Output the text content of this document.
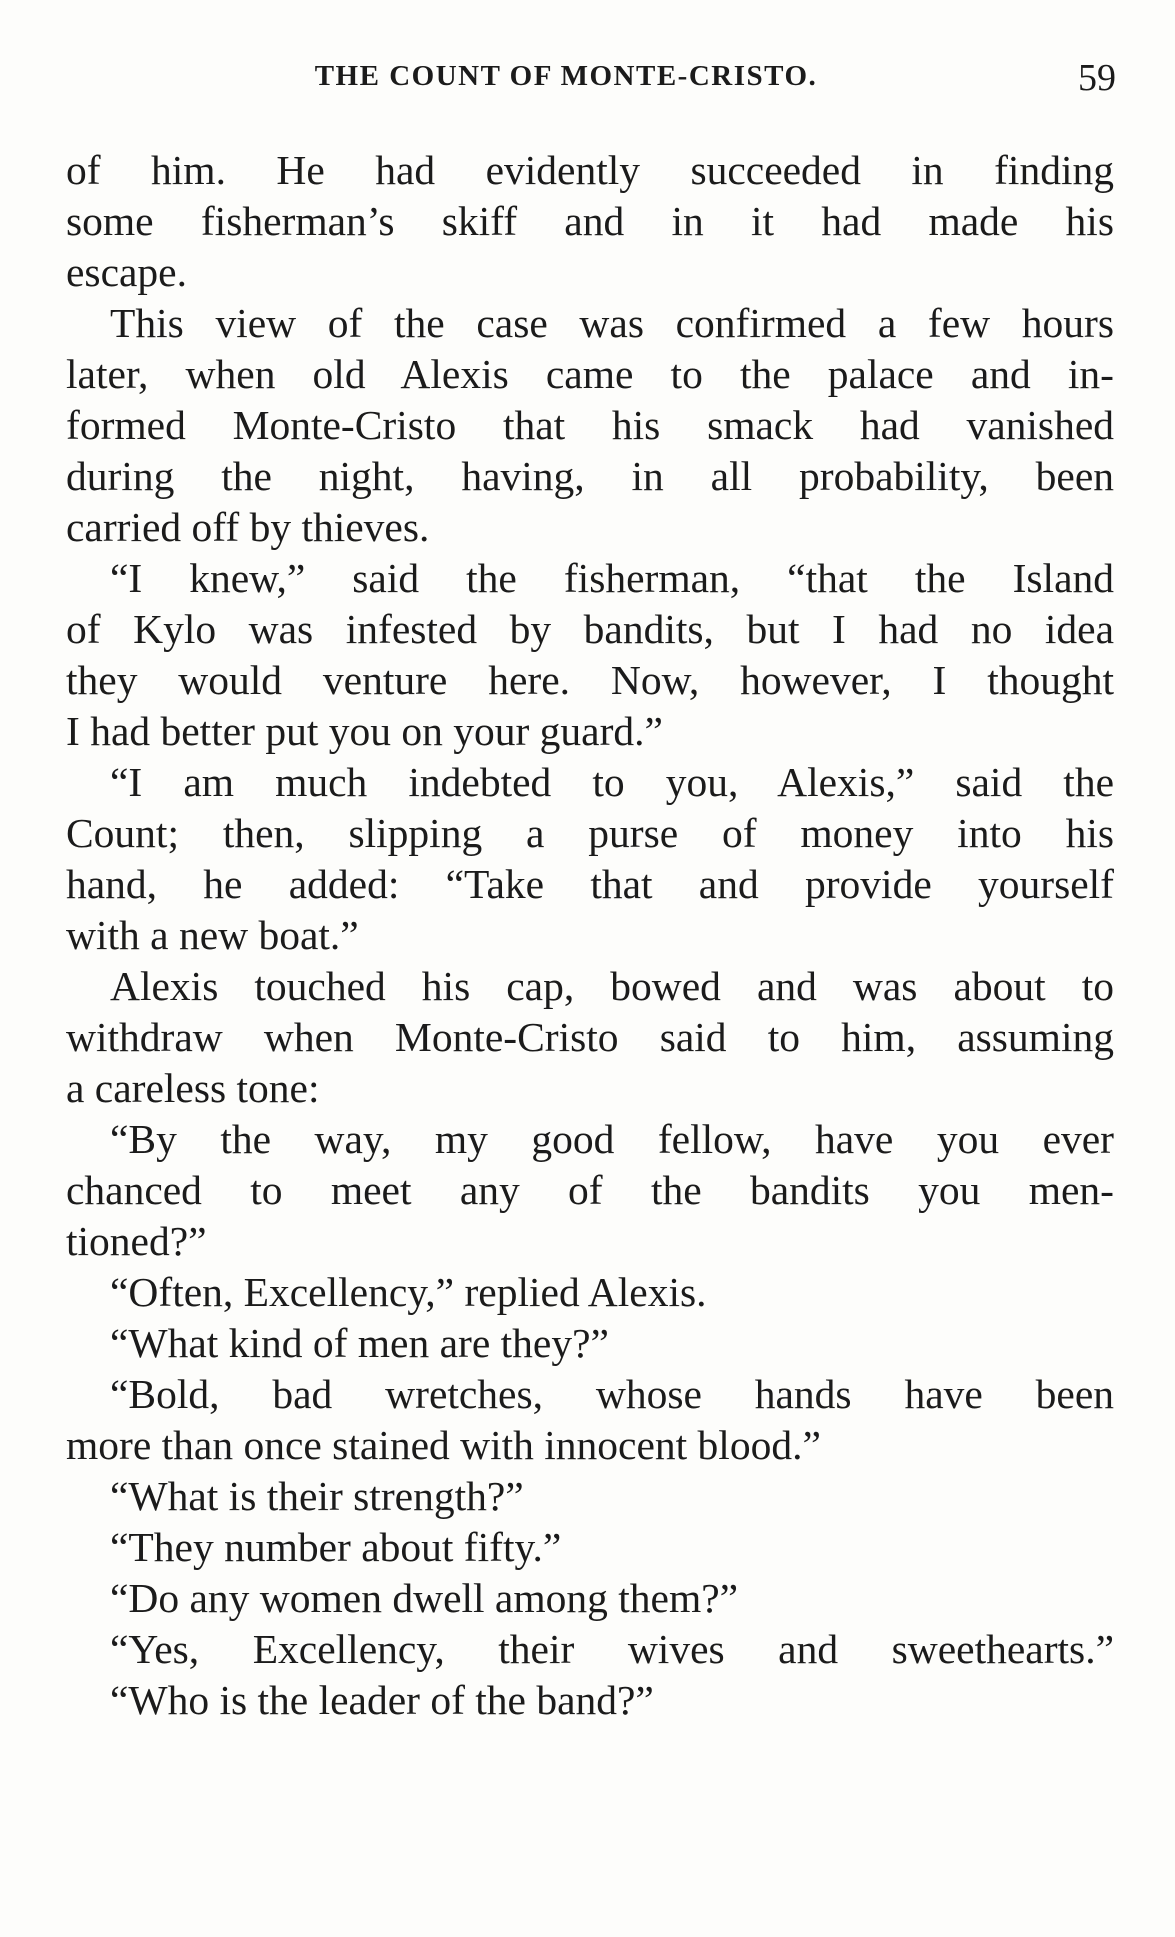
THE COUNT OF MONTE-CRISTO.	59
of him. He had evidently succeeded in finding
some fisherman’s skiff and in it had made his
escape.
This view of the case was confirmed a few hours
later, when old Alexis came to the palace and in-
formed Monte-Cristo that his smack had vanished
during the night, having, in all probability, been
carried off by thieves.
“I knew,” said the fisherman, “that the Island
of Kylo was infested by bandits, but I had no idea
they would venture here. Now, however, I thought
I had better put you on your guard.”
“I am much indebted to you, Alexis,” said the
Count; then, slipping a purse of money into his
hand, he added: “Take that and provide yourself
with a new boat.”
Alexis touched his cap, bowed and was about to
withdraw when Monte-Cristo said to him, assuming
a careless tone:
“By the way, my good fellow, have you ever
chanced to meet any of the bandits you men-
tioned?”
“Often, Excellency,” replied Alexis.
“What kind of men are they?”
“Bold, bad wretches, whose hands have been
more than once stained with innocent blood.”
“What is their strength?”
“They number about fifty.”
“Do any women dwell among them?”
“Yes, Excellency, their wives and sweethearts.”
“Who is the leader of the band?”
